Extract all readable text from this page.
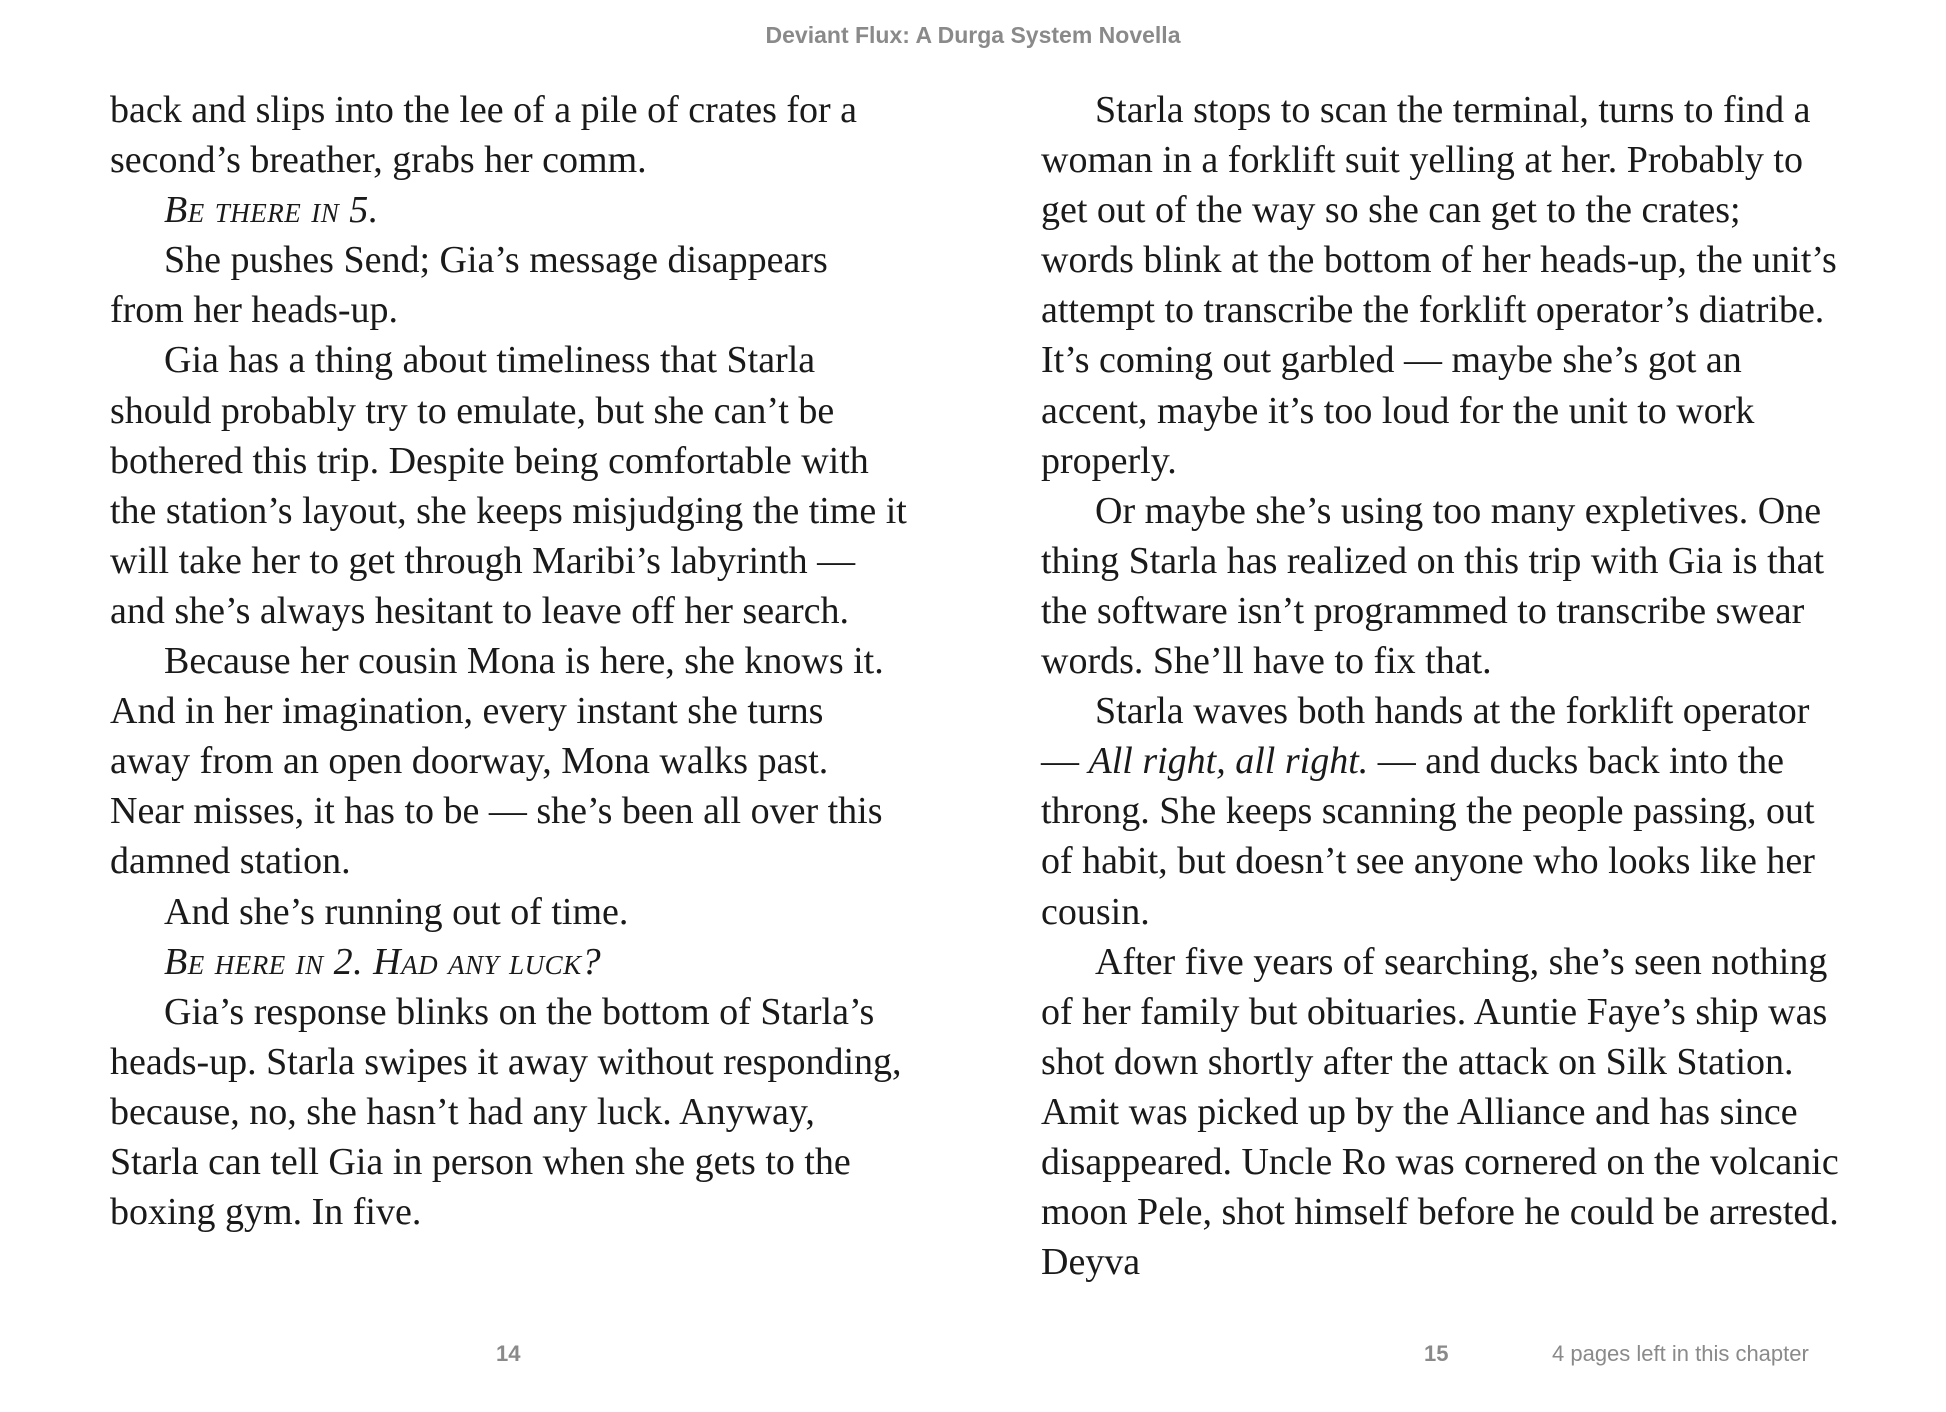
Deviant Flux: A Durga System Novella

back and slips into the lee of a pile of crates for a second’s breather, grabs her comm.

Be there in 5.

She pushes Send; Gia’s message disappears from her heads-up.

Gia has a thing about timeliness that Starla should probably try to emulate, but she can’t be bothered this trip. Despite being comfortable with the station’s layout, she keeps misjudging the time it will take her to get through Maribi’s labyrinth — and she’s always hesitant to leave off her search.

Because her cousin Mona is here, she knows it. And in her imagination, every instant she turns away from an open doorway, Mona walks past. Near misses, it has to be — she’s been all over this damned station.

And she’s running out of time.

Be here in 2. Had any luck?

Gia’s response blinks on the bottom of Starla’s heads-up. Starla swipes it away without responding, because, no, she hasn’t had any luck. Anyway, Starla can tell Gia in person when she gets to the boxing gym. In five.

Starla stops to scan the terminal, turns to find a woman in a forklift suit yelling at her. Probably to get out of the way so she can get to the crates; words blink at the bottom of her heads-up, the unit’s attempt to transcribe the forklift operator’s diatribe. It’s coming out garbled — maybe she’s got an accent, maybe it’s too loud for the unit to work properly.

Or maybe she’s using too many expletives. One thing Starla has realized on this trip with Gia is that the software isn’t programmed to transcribe swear words. She’ll have to fix that.

Starla waves both hands at the forklift operator — All right, all right. — and ducks back into the throng. She keeps scanning the people passing, out of habit, but doesn’t see anyone who looks like her cousin.

After five years of searching, she’s seen nothing of her family but obituaries. Auntie Faye’s ship was shot down shortly after the attack on Silk Station. Amit was picked up by the Alliance and has since disappeared. Uncle Ro was cornered on the volcanic moon Pele, shot himself before he could be arrested. Deyva

14	15	4 pages left in this chapter
